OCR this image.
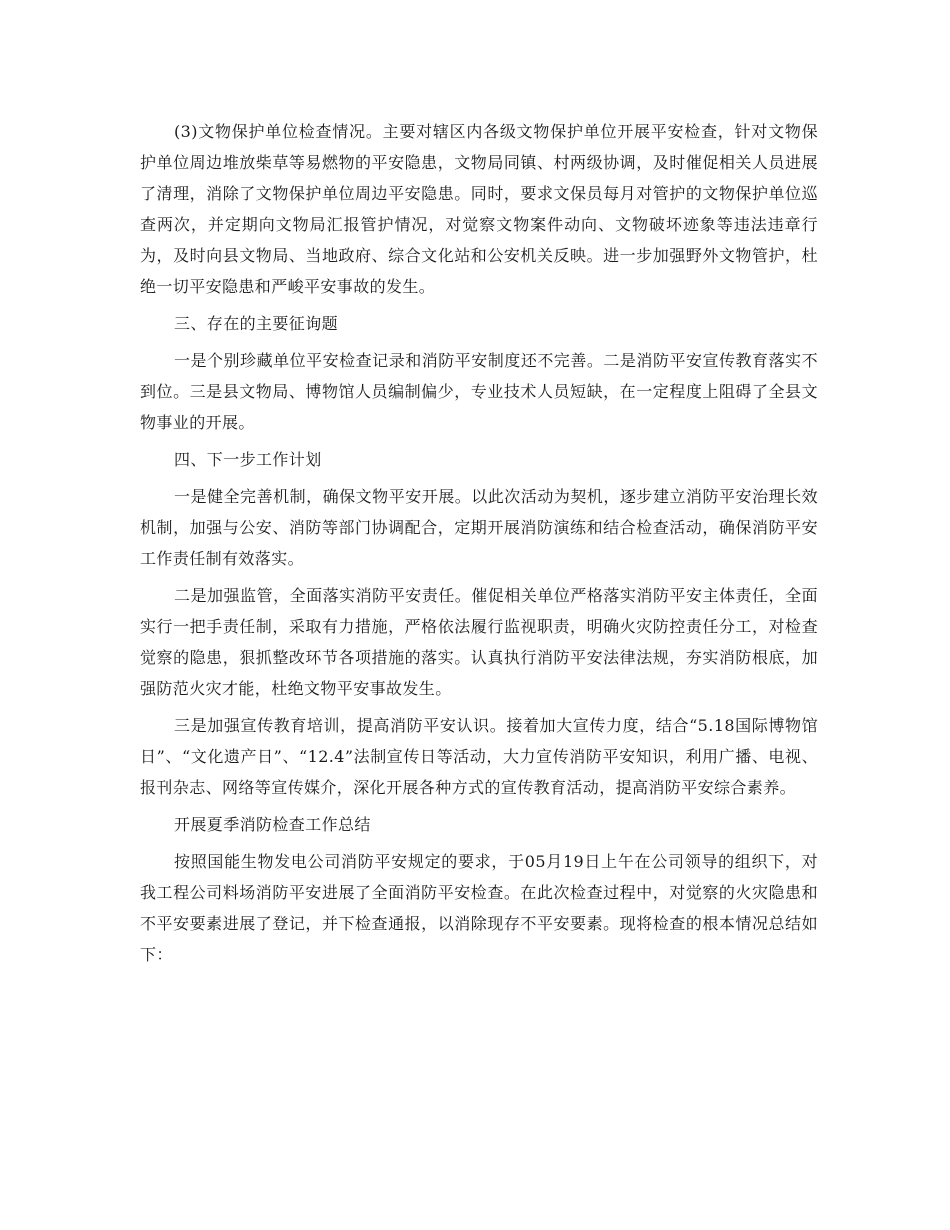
(3)文物保护单位检查情况。主要对辖区内各级文物保护单位开展平安检查，针对文物保护单位周边堆放柴草等易燃物的平安隐患，文物局同镇、村两级协调，及时催促相关人员进展了清理，消除了文物保护单位周边平安隐患。同时，要求文保员每月对管护的文物保护单位巡查两次，并定期向文物局汇报管护情况，对觉察文物案件动向、文物破坏迹象等违法违章行为，及时向县文物局、当地政府、综合文化站和公安机关反映。进一步加强野外文物管护，杜绝一切平安隐患和严峻平安事故的发生。

三、存在的主要征询题

一是个别珍藏单位平安检查记录和消防平安制度还不完善。二是消防平安宣传教育落实不到位。三是县文物局、博物馆人员编制偏少，专业技术人员短缺，在一定程度上阻碍了全县文物事业的开展。

四、下一步工作计划

一是健全完善机制，确保文物平安开展。以此次活动为契机，逐步建立消防平安治理长效机制，加强与公安、消防等部门协调配合，定期开展消防演练和结合检查活动，确保消防平安工作责任制有效落实。

二是加强监管，全面落实消防平安责任。催促相关单位严格落实消防平安主体责任，全面实行一把手责任制，采取有力措施，严格依法履行监视职责，明确火灾防控责任分工，对检查觉察的隐患，狠抓整改环节各项措施的落实。认真执行消防平安法律法规，夯实消防根底，加强防范火灾才能，杜绝文物平安事故发生。

三是加强宣传教育培训，提高消防平安认识。接着加大宣传力度，结合“5.18国际博物馆日”、“文化遗产日”、“12.4”法制宣传日等活动，大力宣传消防平安知识，利用广播、电视、报刊杂志、网络等宣传媒介，深化开展各种方式的宣传教育活动，提高消防平安综合素养。

开展夏季消防检查工作总结

按照国能生物发电公司消防平安规定的要求，于05月19日上午在公司领导的组织下，对我工程公司料场消防平安进展了全面消防平安检查。在此次检查过程中，对觉察的火灾隐患和不平安要素进展了登记，并下检查通报，以消除现存不平安要素。现将检查的根本情况总结如下：
